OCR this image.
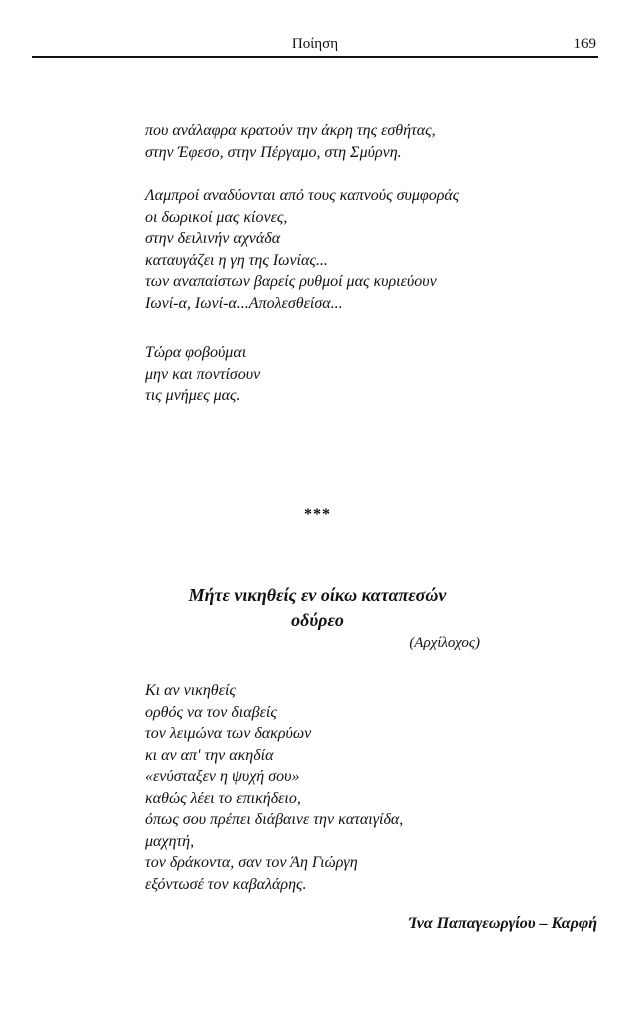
Ποίηση	169
που ανάλαφρα κρατούν την άκρη της εσθήτας,
στην Έφεσο, στην Πέργαμο, στη Σμύρνη.
Λαμπροί αναδύονται από τους καπνούς συμφοράς
οι δωρικοί μας κίονες,
στην δειλινήν αχνάδα
καταυγάζει η γη της Ιωνίας...
των αναπαίστων βαρείς ρυθμοί μας κυριεύουν
Ιωνί-α, Ιωνί-α...Απολεσθείσα...
Τώρα φοβούμαι
μην και ποντίσουν
τις μνήμες μας.
***
Μήτε νικηθείς εν οίκω καταπεσών
οδύρεο
(Αρχίλοχος)
Κι αν νικηθείς
ορθός να τον διαβείς
τον λειμώνα των δακρύων
κι αν απ' την ακηδία
«ενύσταξεν η ψυχή σου»
καθώς λέει το επικήδειο,
όπως σου πρέπει διάβαινε την καταιγίδα,
μαχητή,
τον δράκοντα, σαν τον Άη Γιώργη
εξόντωσέ τον καβαλάρης.
Ίνα Παπαγεωργίου – Καρφή
